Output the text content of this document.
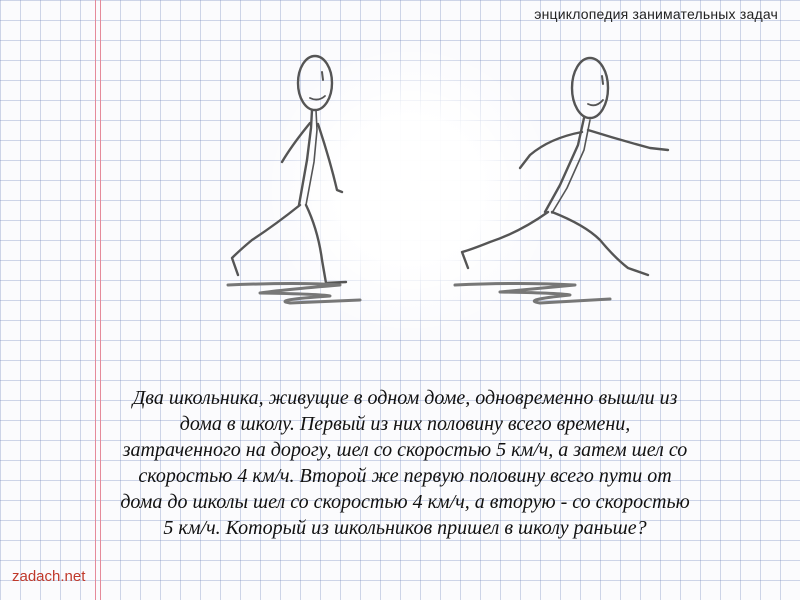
энциклопедия занимательных задач
Два школьника, живущие в одном доме, одновременно вышли из дома в школу. Первый из них половину всего времени, затраченного на дорогу, шел со скоростью 5 км/ч, а затем шел со скоростью 4 км/ч. Второй же первую половину всего пути от дома до школы шел со скоростью 4 км/ч, а вторую - со скоростью 5 км/ч. Который из школьников пришел в школу раньше?
zadach.net
